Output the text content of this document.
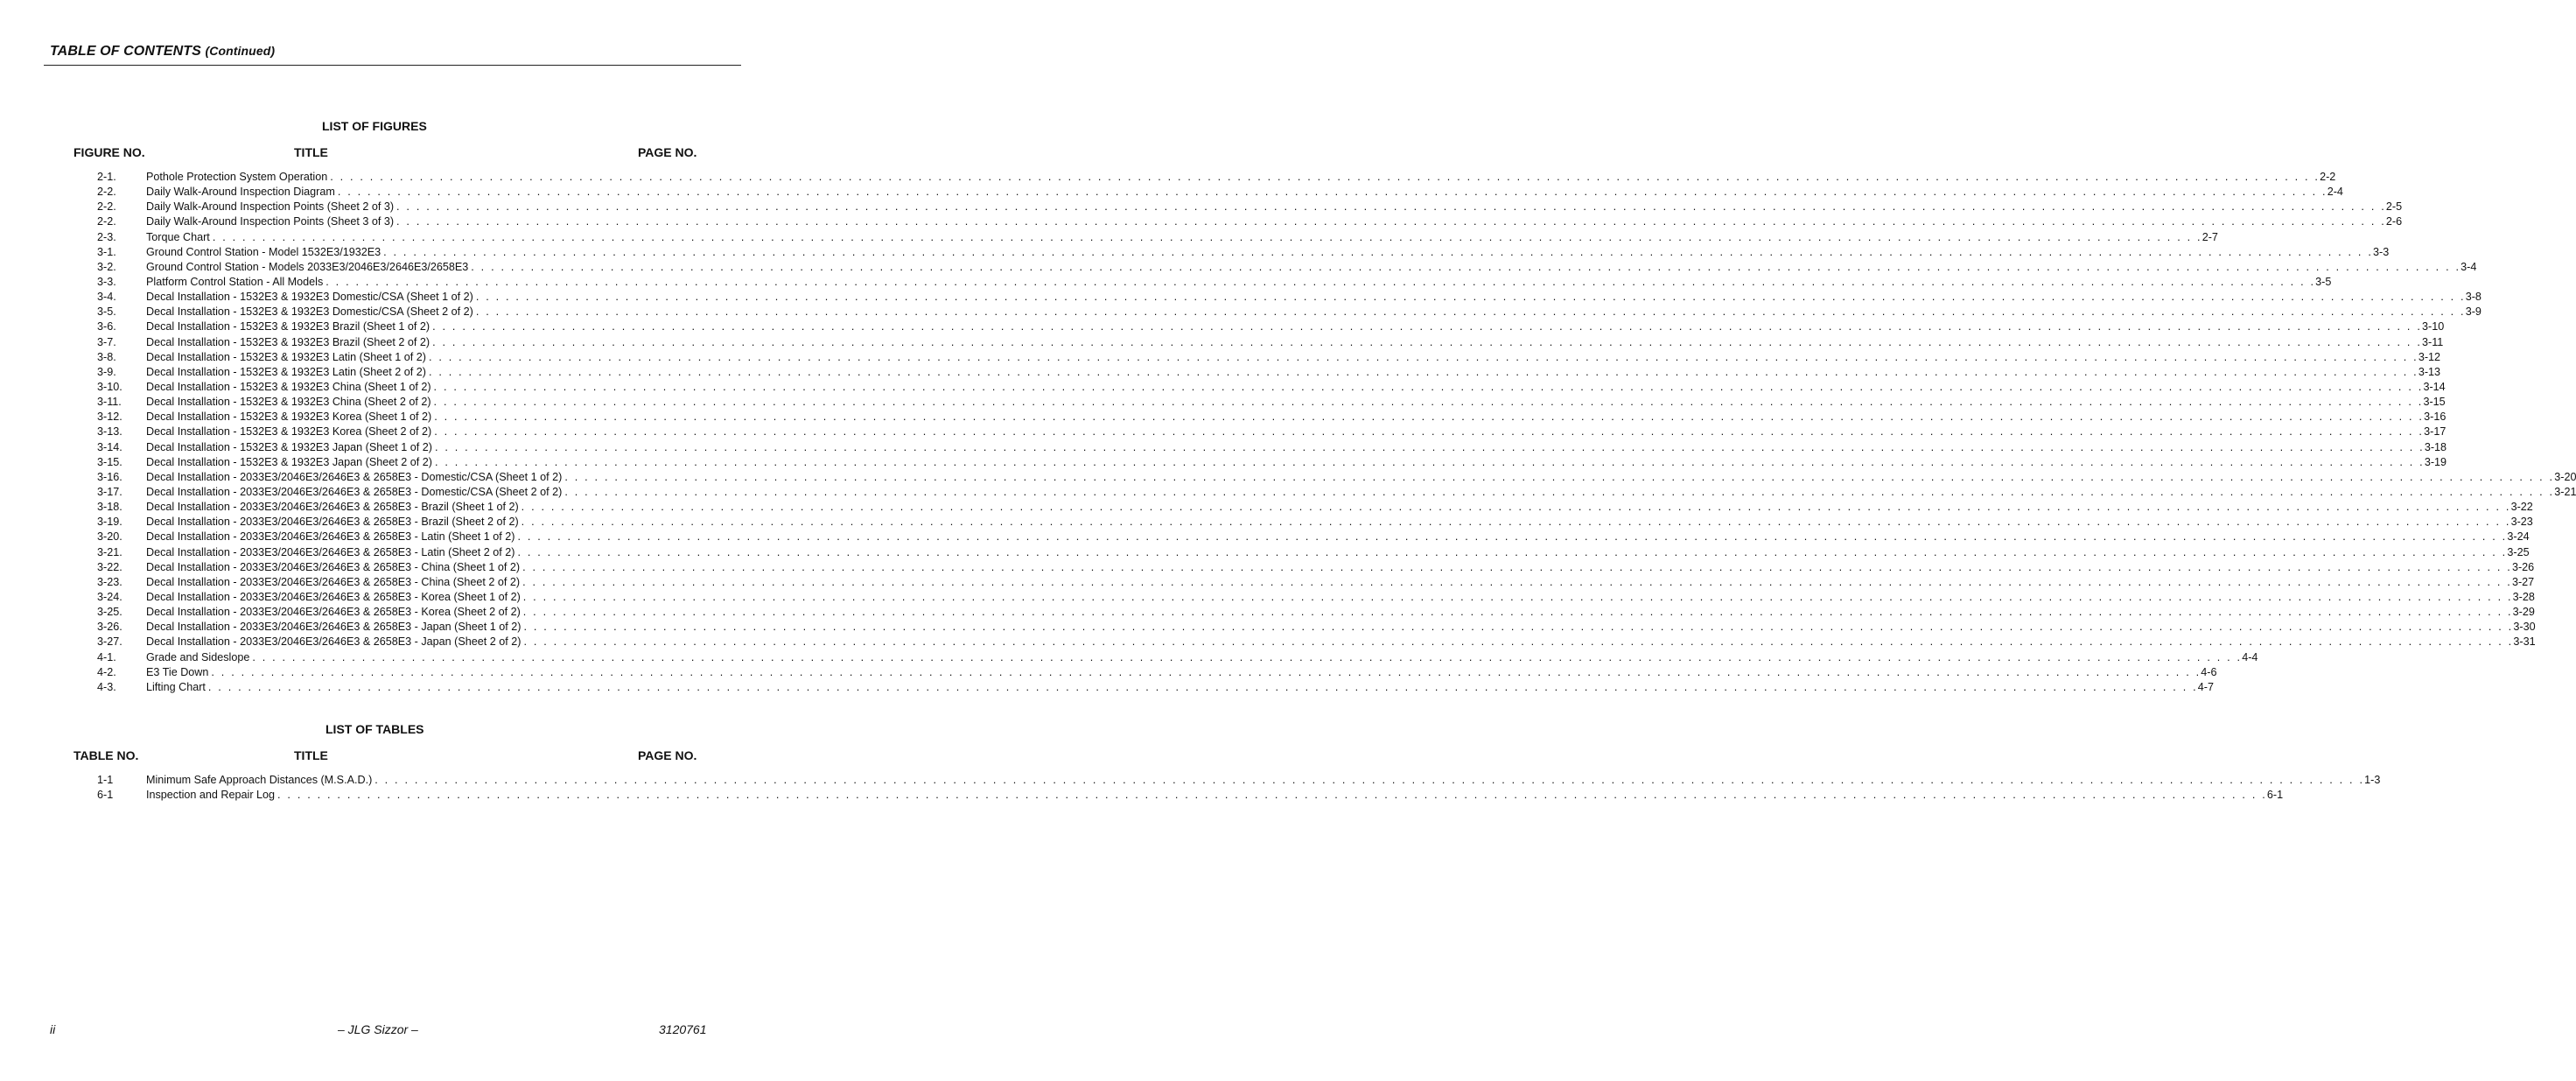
TABLE OF CONTENTS (Continued)
LIST OF FIGURES
FIGURE NO.	TITLE	PAGE NO.
2-1.	Pothole Protection System Operation . . . . . . . . . . . . . . . . . . . . . . . . . . . . . . . . . . . . . . . . . . . . . . . . . . . . . . . . . . . . . . . . . . . . . . . . . . . . . . . . . . . . . . . . . . . . . . . . . . . . . . . . . . . . . . . . . . . . . . . . . . . . . . . . . . . . . . . . . . . . . . . . . . . . . . . . . . . . . . . . . . . . . . . . . . . . . . . . . . . . . . . . . . . . . . . . . . . . . . . . 2-2
2-2.	Daily Walk-Around Inspection Diagram . . . . . . . . . . . . . . . . . . . . . . . . . . . . . . . . . . . . . . . . . . . . . . . . . . . . . . . . . . . . . . . . . . . . . . . . . . . . . . . . . . . . . . . . . . . . . . . . . . . . . . . . . . . . . . . . . . . . . . . . . . . . . . . . . . . . . . . . . . . . . . . . . . . . . . . . . . . . . . . . . . . . . . . . . . . . . . . . . . . . . . . . . . . . . . . . . . . . . . . . 2-4
2-2.	Daily Walk-Around Inspection Points (Sheet 2 of 3) . . . . . . . . . . . . . . . . . . . . . . . . . . . . . . . . . . . . . . . . . . . . . . . . . . . . . . . . . . . . . . . . . . . . . . . . . . . . . . . . . . . . . . . . . . . . . . . . . . . . . . . . . . . . . . . . . . . . . . . . . . . . . . . . . . . . . . . . . . . . . . . . . . . . . . . . . . . . . . . . . . . . . . . . . . . . . . . . . . . . . . . . . . . . . . . . . . . . . . . . 2-5
2-2.	Daily Walk-Around Inspection Points (Sheet 3 of 3) . . . . . . . . . . . . . . . . . . . . . . . . . . . . . . . . . . . . . . . . . . . . . . . . . . . . . . . . . . . . . . . . . . . . . . . . . . . . . . . . . . . . . . . . . . . . . . . . . . . . . . . . . . . . . . . . . . . . . . . . . . . . . . . . . . . . . . . . . . . . . . . . . . . . . . . . . . . . . . . . . . . . . . . . . . . . . . . . . . . . . . . . . . . . . . . . . . . . . . . . 2-6
2-3.	Torque Chart . . . . . . . . . . . . . . . . . . . . . . . . . . . . . . . . . . . . . . . . . . . . . . . . . . . . . . . . . . . . . . . . . . . . . . . . . . . . . . . . . . . . . . . . . . . . . . . . . . . . . . . . . . . . . . . . . . . . . . . . . . . . . . . . . . . . . . . . . . . . . . . . . . . . . . . . . . . . . . . . . . . . . . . . . . . . . . . . . . . . . . . . . . . . . . . . . . . . . . . . 2-7
3-1.	Ground Control Station - Model 1532E3/1932E3 . . . . . . . . . . . . . . . . . . . . . . . . . . . . . . . . . . . . . . . . . . . . . . . . . . . . . . . . . . . . . . . . . . . . . . . . . . . . . . . . . . . . . . . . . . . . . . . . . . . . . . . . . . . . . . . . . . . . . . . . . . . . . . . . . . . . . . . . . . . . . . . . . . . . . . . . . . . . . . . . . . . . . . . . . . . . . . . . . . . . . . . . . . . . . . . . . . . . . . . . 3-3
3-2.	Ground Control Station - Models 2033E3/2046E3/2646E3/2658E3 . . . . . . . . . . . . . . . . . . . . . . . . . . . . . . . . . . . . . . . . . . . . . . . . . . . . . . . . . . . . . . . . . . . . . . . . . . . . . . . . . . . . . . . . . . . . . . . . . . . . . . . . . . . . . . . . . . . . . . . . . . . . . . . . . . . . . . . . . . . . . . . . . . . . . . . . . . . . . . . . . . . . . . . . . . . . . . . . . . . . . . . . . . . . . . . . . . . . . . . . 3-4
3-3.	Platform Control Station - All Models . . . . . . . . . . . . . . . . . . . . . . . . . . . . . . . . . . . . . . . . . . . . . . . . . . . . . . . . . . . . . . . . . . . . . . . . . . . . . . . . . . . . . . . . . . . . . . . . . . . . . . . . . . . . . . . . . . . . . . . . . . . . . . . . . . . . . . . . . . . . . . . . . . . . . . . . . . . . . . . . . . . . . . . . . . . . . . . . . . . . . . . . . . . . . . . . . . . . . . . . 3-5
3-4.	Decal Installation - 1532E3 & 1932E3 Domestic/CSA (Sheet 1 of 2) . . . . . . . . . . . . . . . . . . . . . . . . . . . . . . . . . . . . . . . . . . . . . . . . . . . . . . . . . . . . . . . . . . . . . . . . . . . . . . . . . . . . . . . . . . . . . . . . . . . . . . . . . . . . . . . . . . . . . . . . . . . . . . . . . . . . . . . . . . . . . . . . . . . . . . . . . . . . . . . . . . . . . . . . . . . . . . . . . . . . . . . . . . . . . . . . . . . . . . . . 3-8
3-5.	Decal Installation - 1532E3 & 1932E3 Domestic/CSA (Sheet 2 of 2) . . . . . . . . . . . . . . . . . . . . . . . . . . . . . . . . . . . . . . . . . . . . . . . . . . . . . . . . . . . . . . . . . . . . . . . . . . . . . . . . . . . . . . . . . . . . . . . . . . . . . . . . . . . . . . . . . . . . . . . . . . . . . . . . . . . . . . . . . . . . . . . . . . . . . . . . . . . . . . . . . . . . . . . . . . . . . . . . . . . . . . . . . . . . . . . . . . . . . . . . 3-9
3-6.	Decal Installation - 1532E3 & 1932E3 Brazil (Sheet 1 of 2) . . . . . . . . . . . . . . . . . . . . . . . . . . . . . . . . . . . . . . . . . . . . . . . . . . . . . . . . . . . . . . . . . . . . . . . . . . . . . . . . . . . . . . . . . . . . . . . . . . . . . . . . . . . . . . . . . . . . . . . . . . . . . . . . . . . . . . . . . . . . . . . . . . . . . . . . . . . . . . . . . . . . . . . . . . . . . . . . . . . . . . . . . . . . . . . . . . . . . . . . 3-10
3-7.	Decal Installation - 1532E3 & 1932E3 Brazil (Sheet 2 of 2) . . . . . . . . . . . . . . . . . . . . . . . . . . . . . . . . . . . . . . . . . . . . . . . . . . . . . . . . . . . . . . . . . . . . . . . . . . . . . . . . . . . . . . . . . . . . . . . . . . . . . . . . . . . . . . . . . . . . . . . . . . . . . . . . . . . . . . . . . . . . . . . . . . . . . . . . . . . . . . . . . . . . . . . . . . . . . . . . . . . . . . . . . . . . . . . . . . . . . . . . 3-11
3-8.	Decal Installation - 1532E3 & 1932E3 Latin (Sheet 1 of 2) . . . . . . . . . . . . . . . . . . . . . . . . . . . . . . . . . . . . . . . . . . . . . . . . . . . . . . . . . . . . . . . . . . . . . . . . . . . . . . . . . . . . . . . . . . . . . . . . . . . . . . . . . . . . . . . . . . . . . . . . . . . . . . . . . . . . . . . . . . . . . . . . . . . . . . . . . . . . . . . . . . . . . . . . . . . . . . . . . . . . . . . . . . . . . . . . . . . . . . . . 3-12
3-9.	Decal Installation - 1532E3 & 1932E3 Latin (Sheet 2 of 2) . . . . . . . . . . . . . . . . . . . . . . . . . . . . . . . . . . . . . . . . . . . . . . . . . . . . . . . . . . . . . . . . . . . . . . . . . . . . . . . . . . . . . . . . . . . . . . . . . . . . . . . . . . . . . . . . . . . . . . . . . . . . . . . . . . . . . . . . . . . . . . . . . . . . . . . . . . . . . . . . . . . . . . . . . . . . . . . . . . . . . . . . . . . . . . . . . . . . . . . . 3-13
3-10.	Decal Installation - 1532E3 & 1932E3 China (Sheet 1 of 2) . . . . . . . . . . . . . . . . . . . . . . . . . . . . . . . . . . . . . . . . . . . . . . . . . . . . . . . . . . . . . . . . . . . . . . . . . . . . . . . . . . . . . . . . . . . . . . . . . . . . . . . . . . . . . . . . . . . . . . . . . . . . . . . . . . . . . . . . . . . . . . . . . . . . . . . . . . . . . . . . . . . . . . . . . . . . . . . . . . . . . . . . . . . . . . . . . . . . . . . . 3-14
3-11.	Decal Installation - 1532E3 & 1932E3 China (Sheet 2 of 2) . . . . . . . . . . . . . . . . . . . . . . . . . . . . . . . . . . . . . . . . . . . . . . . . . . . . . . . . . . . . . . . . . . . . . . . . . . . . . . . . . . . . . . . . . . . . . . . . . . . . . . . . . . . . . . . . . . . . . . . . . . . . . . . . . . . . . . . . . . . . . . . . . . . . . . . . . . . . . . . . . . . . . . . . . . . . . . . . . . . . . . . . . . . . . . . . . . . . . . . . 3-15
3-12.	Decal Installation - 1532E3 & 1932E3 Korea (Sheet 1 of 2) . . . . . . . . . . . . . . . . . . . . . . . . . . . . . . . . . . . . . . . . . . . . . . . . . . . . . . . . . . . . . . . . . . . . . . . . . . . . . . . . . . . . . . . . . . . . . . . . . . . . . . . . . . . . . . . . . . . . . . . . . . . . . . . . . . . . . . . . . . . . . . . . . . . . . . . . . . . . . . . . . . . . . . . . . . . . . . . . . . . . . . . . . . . . . . . . . . . . . . . . 3-16
3-13.	Decal Installation - 1532E3 & 1932E3 Korea (Sheet 2 of 2) . . . . . . . . . . . . . . . . . . . . . . . . . . . . . . . . . . . . . . . . . . . . . . . . . . . . . . . . . . . . . . . . . . . . . . . . . . . . . . . . . . . . . . . . . . . . . . . . . . . . . . . . . . . . . . . . . . . . . . . . . . . . . . . . . . . . . . . . . . . . . . . . . . . . . . . . . . . . . . . . . . . . . . . . . . . . . . . . . . . . . . . . . . . . . . . . . . . . . . . . 3-17
3-14.	Decal Installation - 1532E3 & 1932E3 Japan (Sheet 1 of 2) . . . . . . . . . . . . . . . . . . . . . . . . . . . . . . . . . . . . . . . . . . . . . . . . . . . . . . . . . . . . . . . . . . . . . . . . . . . . . . . . . . . . . . . . . . . . . . . . . . . . . . . . . . . . . . . . . . . . . . . . . . . . . . . . . . . . . . . . . . . . . . . . . . . . . . . . . . . . . . . . . . . . . . . . . . . . . . . . . . . . . . . . . . . . . . . . . . . . . . . . 3-18
3-15.	Decal Installation - 1532E3 & 1932E3 Japan (Sheet 2 of 2) . . . . . . . . . . . . . . . . . . . . . . . . . . . . . . . . . . . . . . . . . . . . . . . . . . . . . . . . . . . . . . . . . . . . . . . . . . . . . . . . . . . . . . . . . . . . . . . . . . . . . . . . . . . . . . . . . . . . . . . . . . . . . . . . . . . . . . . . . . . . . . . . . . . . . . . . . . . . . . . . . . . . . . . . . . . . . . . . . . . . . . . . . . . . . . . . . . . . . . . . 3-19
3-16.	Decal Installation - 2033E3/2046E3/2646E3 & 2658E3 - Domestic/CSA (Sheet 1 of 2) . . . . . . . . . . . . . . . . . . . . . . . . . . . . . . . . . . . . . . . . . . . . . . . . . . . . . . . . . . . . . . . . . . . . . . . . . . . . . . . . . . . . . . . . . . . . . . . . . . . . . . . . . . . . . . . . . . . . . . . . . . . . . . . . . . . . . . . . . . . . . . . . . . . . . . . . . . . . . . . . . . . . . . . . . . . . . . . . . . . . . . . . . . . . . . . . . . . . . . . . 3-20
3-17.	Decal Installation - 2033E3/2046E3/2646E3 & 2658E3 - Domestic/CSA (Sheet 2 of 2) . . . . . . . . . . . . . . . . . . . . . . . . . . . . . . . . . . . . . . . . . . . . . . . . . . . . . . . . . . . . . . . . . . . . . . . . . . . . . . . . . . . . . . . . . . . . . . . . . . . . . . . . . . . . . . . . . . . . . . . . . . . . . . . . . . . . . . . . . . . . . . . . . . . . . . . . . . . . . . . . . . . . . . . . . . . . . . . . . . . . . . . . . . . . . . . . . . . . . . . . 3-21
3-18.	Decal Installation - 2033E3/2046E3/2646E3 & 2658E3 - Brazil (Sheet 1 of 2) . . . . . . . . . . . . . . . . . . . . . . . . . . . . . . . . . . . . . . . . . . . . . . . . . . . . . . . . . . . . . . . . . . . . . . . . . . . . . . . . . . . . . . . . . . . . . . . . . . . . . . . . . . . . . . . . . . . . . . . . . . . . . . . . . . . . . . . . . . . . . . . . . . . . . . . . . . . . . . . . . . . . . . . . . . . . . . . . . . . . . . . . . . . . . . . . . . . . . . . . 3-22
3-19.	Decal Installation - 2033E3/2046E3/2646E3 & 2658E3 - Brazil (Sheet 2 of 2) . . . . . . . . . . . . . . . . . . . . . . . . . . . . . . . . . . . . . . . . . . . . . . . . . . . . . . . . . . . . . . . . . . . . . . . . . . . . . . . . . . . . . . . . . . . . . . . . . . . . . . . . . . . . . . . . . . . . . . . . . . . . . . . . . . . . . . . . . . . . . . . . . . . . . . . . . . . . . . . . . . . . . . . . . . . . . . . . . . . . . . . . . . . . . . . . . . . . . . . . 3-23
3-20.	Decal Installation - 2033E3/2046E3/2646E3 & 2658E3 - Latin (Sheet 1 of 2) . . . . . . . . . . . . . . . . . . . . . . . . . . . . . . . . . . . . . . . . . . . . . . . . . . . . . . . . . . . . . . . . . . . . . . . . . . . . . . . . . . . . . . . . . . . . . . . . . . . . . . . . . . . . . . . . . . . . . . . . . . . . . . . . . . . . . . . . . . . . . . . . . . . . . . . . . . . . . . . . . . . . . . . . . . . . . . . . . . . . . . . . . . . . . . . . . . . . . . . . 3-24
3-21.	Decal Installation - 2033E3/2046E3/2646E3 & 2658E3 - Latin (Sheet 2 of 2) . . . . . . . . . . . . . . . . . . . . . . . . . . . . . . . . . . . . . . . . . . . . . . . . . . . . . . . . . . . . . . . . . . . . . . . . . . . . . . . . . . . . . . . . . . . . . . . . . . . . . . . . . . . . . . . . . . . . . . . . . . . . . . . . . . . . . . . . . . . . . . . . . . . . . . . . . . . . . . . . . . . . . . . . . . . . . . . . . . . . . . . . . . . . . . . . . . . . . . . . 3-25
3-22.	Decal Installation - 2033E3/2046E3/2646E3 & 2658E3 - China (Sheet 1 of 2) . . . . . . . . . . . . . . . . . . . . . . . . . . . . . . . . . . . . . . . . . . . . . . . . . . . . . . . . . . . . . . . . . . . . . . . . . . . . . . . . . . . . . . . . . . . . . . . . . . . . . . . . . . . . . . . . . . . . . . . . . . . . . . . . . . . . . . . . . . . . . . . . . . . . . . . . . . . . . . . . . . . . . . . . . . . . . . . . . . . . . . . . . . . . . . . . . . . . . . . . 3-26
3-23.	Decal Installation - 2033E3/2046E3/2646E3 & 2658E3 - China (Sheet 2 of 2) . . . . . . . . . . . . . . . . . . . . . . . . . . . . . . . . . . . . . . . . . . . . . . . . . . . . . . . . . . . . . . . . . . . . . . . . . . . . . . . . . . . . . . . . . . . . . . . . . . . . . . . . . . . . . . . . . . . . . . . . . . . . . . . . . . . . . . . . . . . . . . . . . . . . . . . . . . . . . . . . . . . . . . . . . . . . . . . . . . . . . . . . . . . . . . . . . . . . . . . . 3-27
3-24.	Decal Installation - 2033E3/2046E3/2646E3 & 2658E3 - Korea (Sheet 1 of 2) . . . . . . . . . . . . . . . . . . . . . . . . . . . . . . . . . . . . . . . . . . . . . . . . . . . . . . . . . . . . . . . . . . . . . . . . . . . . . . . . . . . . . . . . . . . . . . . . . . . . . . . . . . . . . . . . . . . . . . . . . . . . . . . . . . . . . . . . . . . . . . . . . . . . . . . . . . . . . . . . . . . . . . . . . . . . . . . . . . . . . . . . . . . . . . . . . . . . . . . . 3-28
3-25.	Decal Installation - 2033E3/2046E3/2646E3 & 2658E3 - Korea (Sheet 2 of 2) . . . . . . . . . . . . . . . . . . . . . . . . . . . . . . . . . . . . . . . . . . . . . . . . . . . . . . . . . . . . . . . . . . . . . . . . . . . . . . . . . . . . . . . . . . . . . . . . . . . . . . . . . . . . . . . . . . . . . . . . . . . . . . . . . . . . . . . . . . . . . . . . . . . . . . . . . . . . . . . . . . . . . . . . . . . . . . . . . . . . . . . . . . . . . . . . . . . . . . . . 3-29
3-26.	Decal Installation - 2033E3/2046E3/2646E3 & 2658E3 - Japan (Sheet 1 of 2) . . . . . . . . . . . . . . . . . . . . . . . . . . . . . . . . . . . . . . . . . . . . . . . . . . . . . . . . . . . . . . . . . . . . . . . . . . . . . . . . . . . . . . . . . . . . . . . . . . . . . . . . . . . . . . . . . . . . . . . . . . . . . . . . . . . . . . . . . . . . . . . . . . . . . . . . . . . . . . . . . . . . . . . . . . . . . . . . . . . . . . . . . . . . . . . . . . . . . . . . 3-30
3-27.	Decal Installation - 2033E3/2046E3/2646E3 & 2658E3 - Japan (Sheet 2 of 2) . . . . . . . . . . . . . . . . . . . . . . . . . . . . . . . . . . . . . . . . . . . . . . . . . . . . . . . . . . . . . . . . . . . . . . . . . . . . . . . . . . . . . . . . . . . . . . . . . . . . . . . . . . . . . . . . . . . . . . . . . . . . . . . . . . . . . . . . . . . . . . . . . . . . . . . . . . . . . . . . . . . . . . . . . . . . . . . . . . . . . . . . . . . . . . . . . . . . . . . . 3-31
4-1.	Grade and Sideslope . . . . . . . . . . . . . . . . . . . . . . . . . . . . . . . . . . . . . . . . . . . . . . . . . . . . . . . . . . . . . . . . . . . . . . . . . . . . . . . . . . . . . . . . . . . . . . . . . . . . . . . . . . . . . . . . . . . . . . . . . . . . . . . . . . . . . . . . . . . . . . . . . . . . . . . . . . . . . . . . . . . . . . . . . . . . . . . . . . . . . . . . . . . . . . . . . . . . . . . . 4-4
4-2.	E3 Tie Down . . . . . . . . . . . . . . . . . . . . . . . . . . . . . . . . . . . . . . . . . . . . . . . . . . . . . . . . . . . . . . . . . . . . . . . . . . . . . . . . . . . . . . . . . . . . . . . . . . . . . . . . . . . . . . . . . . . . . . . . . . . . . . . . . . . . . . . . . . . . . . . . . . . . . . . . . . . . . . . . . . . . . . . . . . . . . . . . . . . . . . . . . . . . . . . . . . . . . . . . 4-6
4-3.	Lifting Chart . . . . . . . . . . . . . . . . . . . . . . . . . . . . . . . . . . . . . . . . . . . . . . . . . . . . . . . . . . . . . . . . . . . . . . . . . . . . . . . . . . . . . . . . . . . . . . . . . . . . . . . . . . . . . . . . . . . . . . . . . . . . . . . . . . . . . . . . . . . . . . . . . . . . . . . . . . . . . . . . . . . . . . . . . . . . . . . . . . . . . . . . . . . . . . . . . . . . . . . . 4-7
LIST OF TABLES
TABLE NO.	TITLE	PAGE NO.
1-1	Minimum Safe Approach Distances (M.S.A.D.) . . . . . . . . . . . . . . . . . . . . . . . . . . . . . . . . . . . . . . . . . . . . . . . . . . . . . . . . . . . . . . . . . . . . . . . . . . . . . . . . . . . . . . . . . . . . . . . . . . . . . . . . . . . . . . . . . . . . . . . . . . . . . . . . . . . . . . . . . . . . . . . . . . . . . . . . . . . . . . . . . . . . . . . . . . . . . . . . . . . . . . . . . . . . . . . . . . . . . . . . 1-3
6-1	Inspection and Repair Log . . . . . . . . . . . . . . . . . . . . . . . . . . . . . . . . . . . . . . . . . . . . . . . . . . . . . . . . . . . . . . . . . . . . . . . . . . . . . . . . . . . . . . . . . . . . . . . . . . . . . . . . . . . . . . . . . . . . . . . . . . . . . . . . . . . . . . . . . . . . . . . . . . . . . . . . . . . . . . . . . . . . . . . . . . . . . . . . . . . . . . . . . . . . . . . . . . . . . . . . 6-1
ii	– JLG Sizzor –	3120761
